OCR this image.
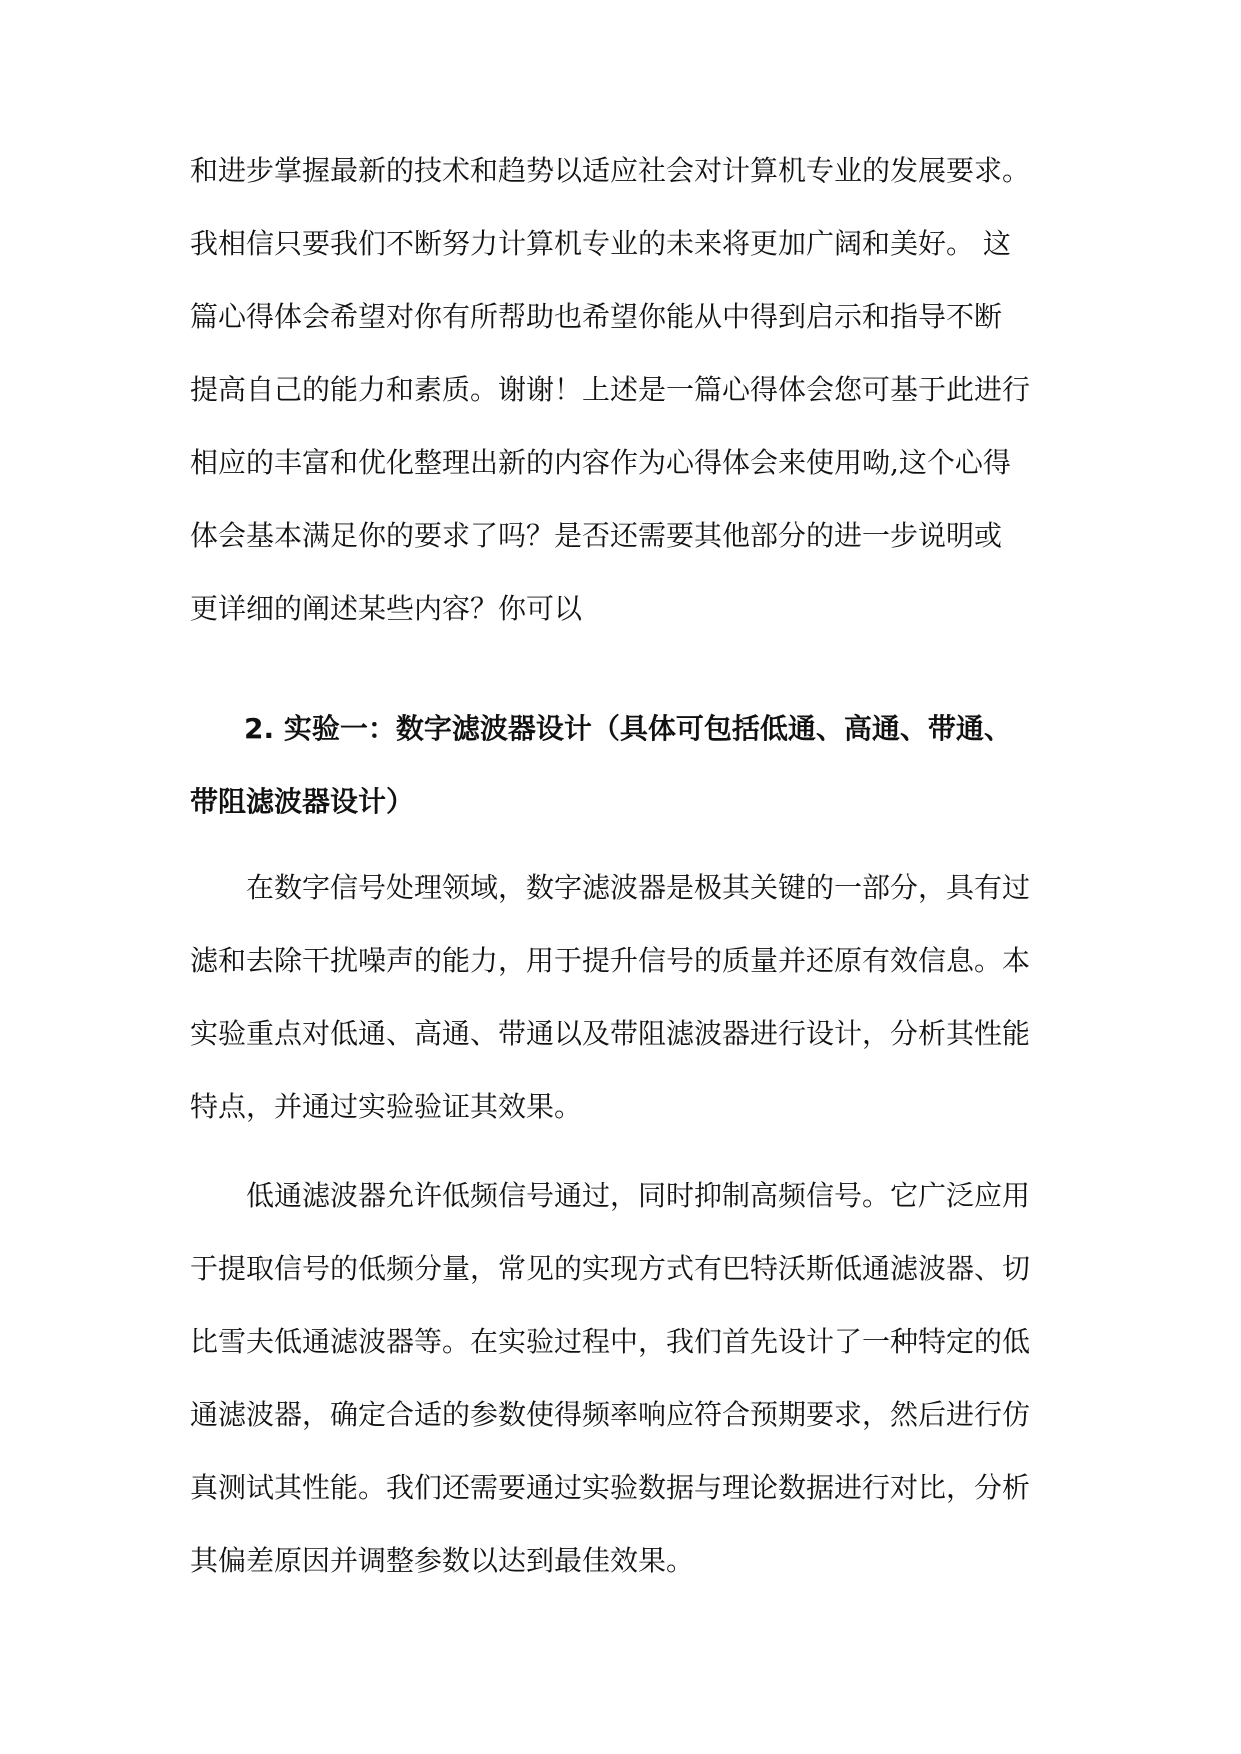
和进步掌握最新的技术和趋势以适应社会对计算机专业的发展要求。
我相信只要我们不断努力计算机专业的未来将更加广阔和美好。 这
篇心得体会希望对你有所帮助也希望你能从中得到启示和指导不断
提高自己的能力和素质。谢谢！上述是一篇心得体会您可基于此进行
相应的丰富和优化整理出新的内容作为心得体会来使用呦,这个心得
体会基本满足你的要求了吗？是否还需要其他部分的进一步说明或
更详细的阐述某些内容？你可以
2. 实验一：数字滤波器设计（具体可包括低通、高通、带通、
带阻滤波器设计）
在数字信号处理领域，数字滤波器是极其关键的一部分，具有过
滤和去除干扰噪声的能力，用于提升信号的质量并还原有效信息。本
实验重点对低通、高通、带通以及带阻滤波器进行设计，分析其性能
特点，并通过实验验证其效果。
低通滤波器允许低频信号通过，同时抑制高频信号。它广泛应用
于提取信号的低频分量，常见的实现方式有巴特沃斯低通滤波器、切
比雪夫低通滤波器等。在实验过程中，我们首先设计了一种特定的低
通滤波器，确定合适的参数使得频率响应符合预期要求，然后进行仿
真测试其性能。我们还需要通过实验数据与理论数据进行对比，分析
其偏差原因并调整参数以达到最佳效果。
